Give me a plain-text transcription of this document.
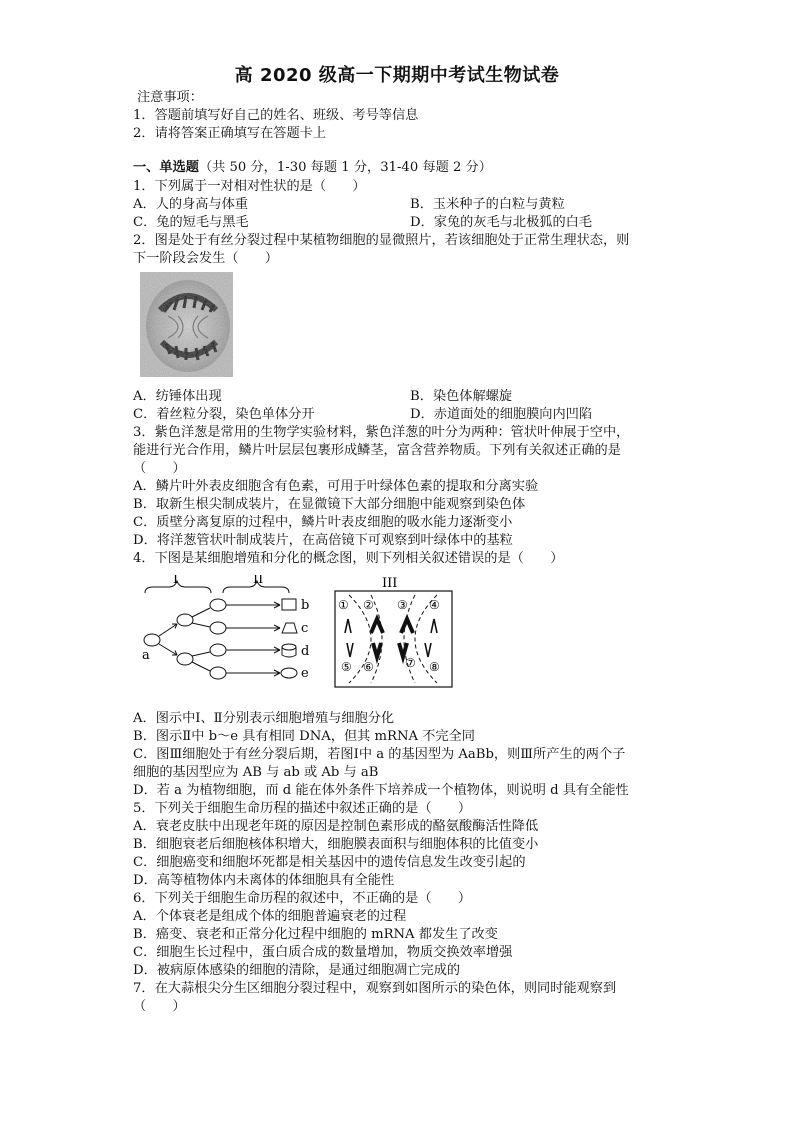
高 2020 级高一下期期中考试生物试卷
注意事项：
1．答题前填写好自己的姓名、班级、考号等信息
2．请将答案正确填写在答题卡上
一、单选题（共 50 分，1-30 每题 1 分，31-40 每题 2 分）
1．下列属于一对相对性状的是（　　）
A．人的身高与体重	B．玉米种子的白粒与黄粒
C．兔的短毛与黑毛	D．家兔的灰毛与北极狐的白毛
2．图是处于有丝分裂过程中某植物细胞的显微照片，若该细胞处于正常生理状态，则
下一阶段会发生（　　）
A．纺锤体出现	B．染色体解螺旋
C．着丝粒分裂，染色单体分开	D．赤道面处的细胞膜向内凹陷
3．紫色洋葱是常用的生物学实验材料，紫色洋葱的叶分为两种：管状叶伸展于空中，
能进行光合作用，鳞片叶层层包裹形成鳞茎，富含营养物质。下列有关叙述正确的是
（　　）
A．鳞片叶外表皮细胞含有色素，可用于叶绿体色素的提取和分离实验
B．取新生根尖制成装片，在显微镜下大部分细胞中能观察到染色体
C．质壁分离复原的过程中，鳞片叶表皮细胞的吸水能力逐渐变小
D．将洋葱管状叶制成装片，在高倍镜下可观察到叶绿体中的基粒
4．下图是某细胞增殖和分化的概念图，则下列相关叙述错误的是（　　）
I	II
a
b
c
d
e
III
① ② ③ ④
⑤ ⑥	⑦ ⑧
A．图示中Ⅰ、Ⅱ分别表示细胞增殖与细胞分化
B．图示Ⅱ中 b～e 具有相同 DNA，但其 mRNA 不完全同
C．图Ⅲ细胞处于有丝分裂后期，若图Ⅰ中 a 的基因型为 AaBb，则Ⅲ所产生的两个子
细胞的基因型应为 AB 与 ab 或 Ab 与 aB
D．若 a 为植物细胞，而 d 能在体外条件下培养成一个植物体，则说明 d 具有全能性
5．下列关于细胞生命历程的描述中叙述正确的是（　　）
A．衰老皮肤中出现老年斑的原因是控制色素形成的酪氨酸酶活性降低
B．细胞衰老后细胞核体积增大，细胞膜表面积与细胞体积的比值变小
C．细胞癌变和细胞坏死都是相关基因中的遗传信息发生改变引起的
D．高等植物体内未离体的体细胞具有全能性
6．下列关于细胞生命历程的叙述中，不正确的是（　　）
A．个体衰老是组成个体的细胞普遍衰老的过程
B．癌变、衰老和正常分化过程中细胞的 mRNA 都发生了改变
C．细胞生长过程中，蛋白质合成的数量增加，物质交换效率增强
D．被病原体感染的细胞的清除，是通过细胞凋亡完成的
7．在大蒜根尖分生区细胞分裂过程中，观察到如图所示的染色体，则同时能观察到
（　　）
